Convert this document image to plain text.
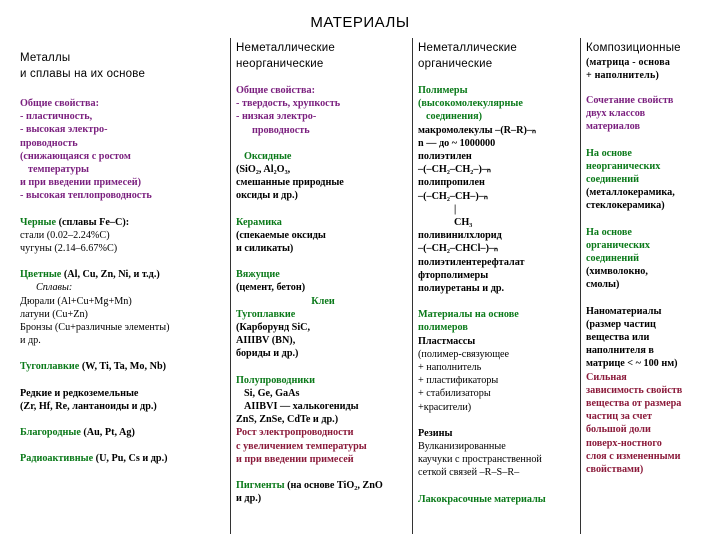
МАТЕРИАЛЫ
Металлы
и сплавы на их основе
Общие свойства:
- пластичность,
- высокая электро-
проводность
(снижающаяся с ростом
температуры
и при введении примесей)
- высокая теплопроводность
Черные (сплавы Fe–C):
стали (0.02–2.24%C)
чугуны (2.14–6.67%C)
Цветные (Al, Cu, Zn, Ni, и т.д.)
Сплавы:
Дюрали (Al+Cu+Mg+Mn)
латуни (Cu+Zn)
Бронзы (Cu+различные элементы)
и др.
Тугоплавкие (W, Ti, Ta, Mo, Nb)
Редкие и редкоземельные
(Zr, Hf, Re, лантаноиды и др.)
Благородные (Au, Pt, Ag)
Радиоактивные (U, Pu, Cs и др.)
Неметаллические
неорганические
Общие свойства:
- твердость, хрупкость
- низкая электро-
проводность
Оксидные
(SiO₂, Al₂O₃,
смешанные природные
оксиды и др.)
Керамика
(спекаемые оксиды
и силикаты)
Вяжущие
(цемент, бетон)
Клеи
Тугоплавкие
(Карборунд SiC,
AIIIBV (BN),
бориды и др.)
Полупроводники
Si, Ge, GaAs
AIIBVI — халькогениды
ZnS, ZnSe, CdTe и др.)
Рост электропроводности
с увеличением температуры
и при введении примесей
Пигменты (на основе TiO₂, ZnO
и др.)
Неметаллические
органические
Полимеры
(высокомолекулярные
соединения)
макромолекулы –(R–R)–ₙ
n — до ~ 1000000
полиэтилен
–(–CH₂–CH₂–)–ₙ
полипропилен
–(–CH₂–CH–)–ₙ
|
CH₃
поливинилхлорид
–(–CH₂–CHCl–)–ₙ
полиэтилентерефталат
фторполимеры
полиуретаны и др.
Материалы на основе
полимеров
Пластмассы
(полимер-связующее
+ наполнитель
+ пластификаторы
+ стабилизаторы
+красители)
Резины
Вулканизированные
каучуки с пространственной
сеткой связей –R–S–R–
Лакокрасочные материалы
Композиционные
(матрица - основа
+ наполнитель)
Сочетание свойств
двух классов
материалов
На основе
неорганических
соединений
(металлокерамика,
стеклокерамика)
На основе
органических
соединений
(химволокно,
смолы)
Наноматериалы
(размер частиц
вещества или
наполнителя в
матрице < ~ 100 нм)
Сильная
зависимость свойств
вещества от размера
частиц за счет
большой доли
поверх-ностного
слоя с измененными
свойствами)
